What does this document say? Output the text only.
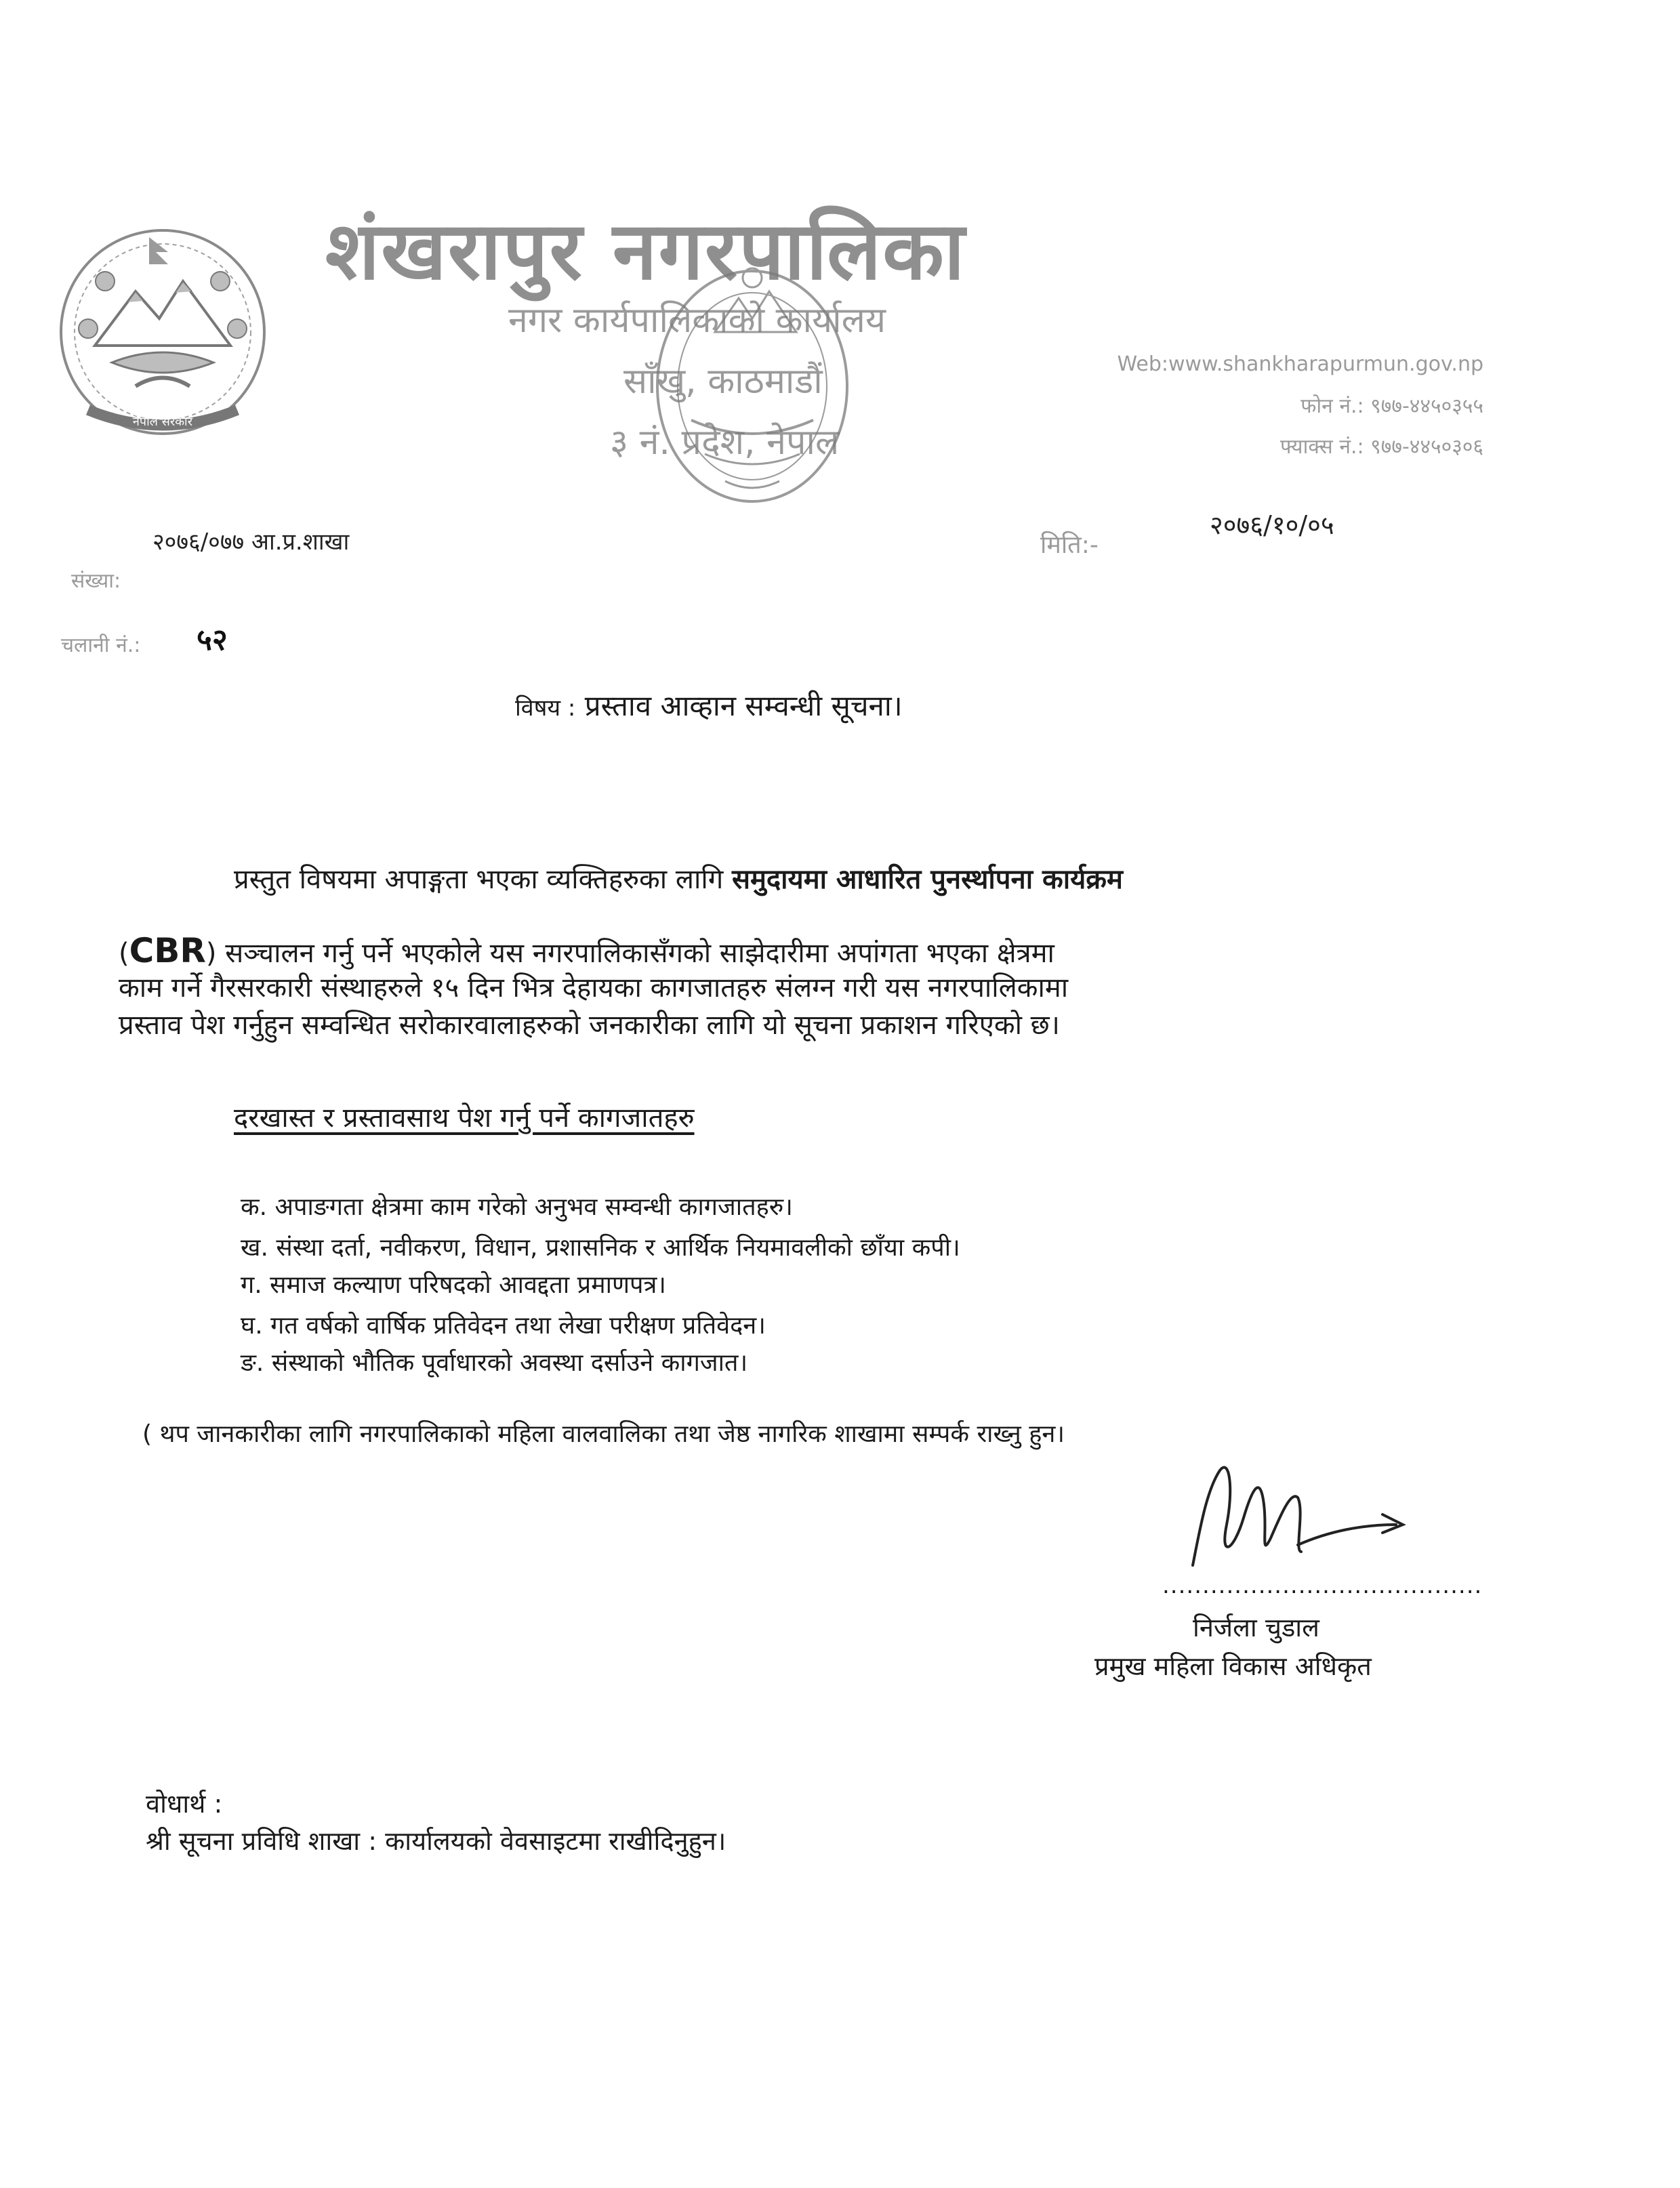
नेपाल सरकार

शंखरापुर नगरपालिका

नगर कार्यपालिकाको कार्यालय

साँखु, काठमाडौं

३ नं. प्रदेश, नेपाल

Web:www.shankharapurmun.gov.np

फोन नं.: ९७७-४४५०३५५

फ्याक्स नं.: ९७७-४४५०३०६

२०७६/०७७ आ.प्र.शाखा

संख्या:

चलानी नं.: ५२

मिति:-

२०७६/१०/०५

विषय : प्रस्ताव आव्हान सम्वन्धी सूचना।

प्रस्तुत विषयमा अपाङ्गता भएका व्यक्तिहरुका लागि समुदायमा आधारित पुनर्स्थापना कार्यक्रम

(CBR) सञ्चालन गर्नु पर्ने भएकोले यस नगरपालिकासँगको साझेदारीमा अपांगता भएका क्षेत्रमा

काम गर्ने गैरसरकारी संस्थाहरुले १५ दिन भित्र देहायका कागजातहरु संलग्न गरी यस नगरपालिकामा

प्रस्ताव पेश गर्नुहुन सम्वन्धित सरोकारवालाहरुको जनकारीका लागि यो सूचना प्रकाशन गरिएको छ।

दरखास्त र प्रस्तावसाथ पेश गर्नु पर्ने कागजातहरु

क. अपाङगता क्षेत्रमा काम गरेको अनुभव सम्वन्धी कागजातहरु।

ख. संस्था दर्ता, नवीकरण, विधान, प्रशासनिक र आर्थिक नियमावलीको छाँया कपी।

ग. समाज कल्याण परिषदको आवद्दता प्रमाणपत्र।

घ. गत वर्षको वार्षिक प्रतिवेदन तथा लेखा परीक्षण प्रतिवेदन।

ङ. संस्थाको भौतिक पूर्वाधारको अवस्था दर्साउने कागजात।

( थप जानकारीका लागि नगरपालिकाको महिला वालवालिका तथा जेष्ठ नागरिक शाखामा सम्पर्क राख्नु हुन।

........................................

निर्जला चुडाल

प्रमुख महिला विकास अधिकृत

वोधार्थ :

श्री सूचना प्रविधि शाखा : कार्यालयको वेवसाइटमा राखीदिनुहुन।
